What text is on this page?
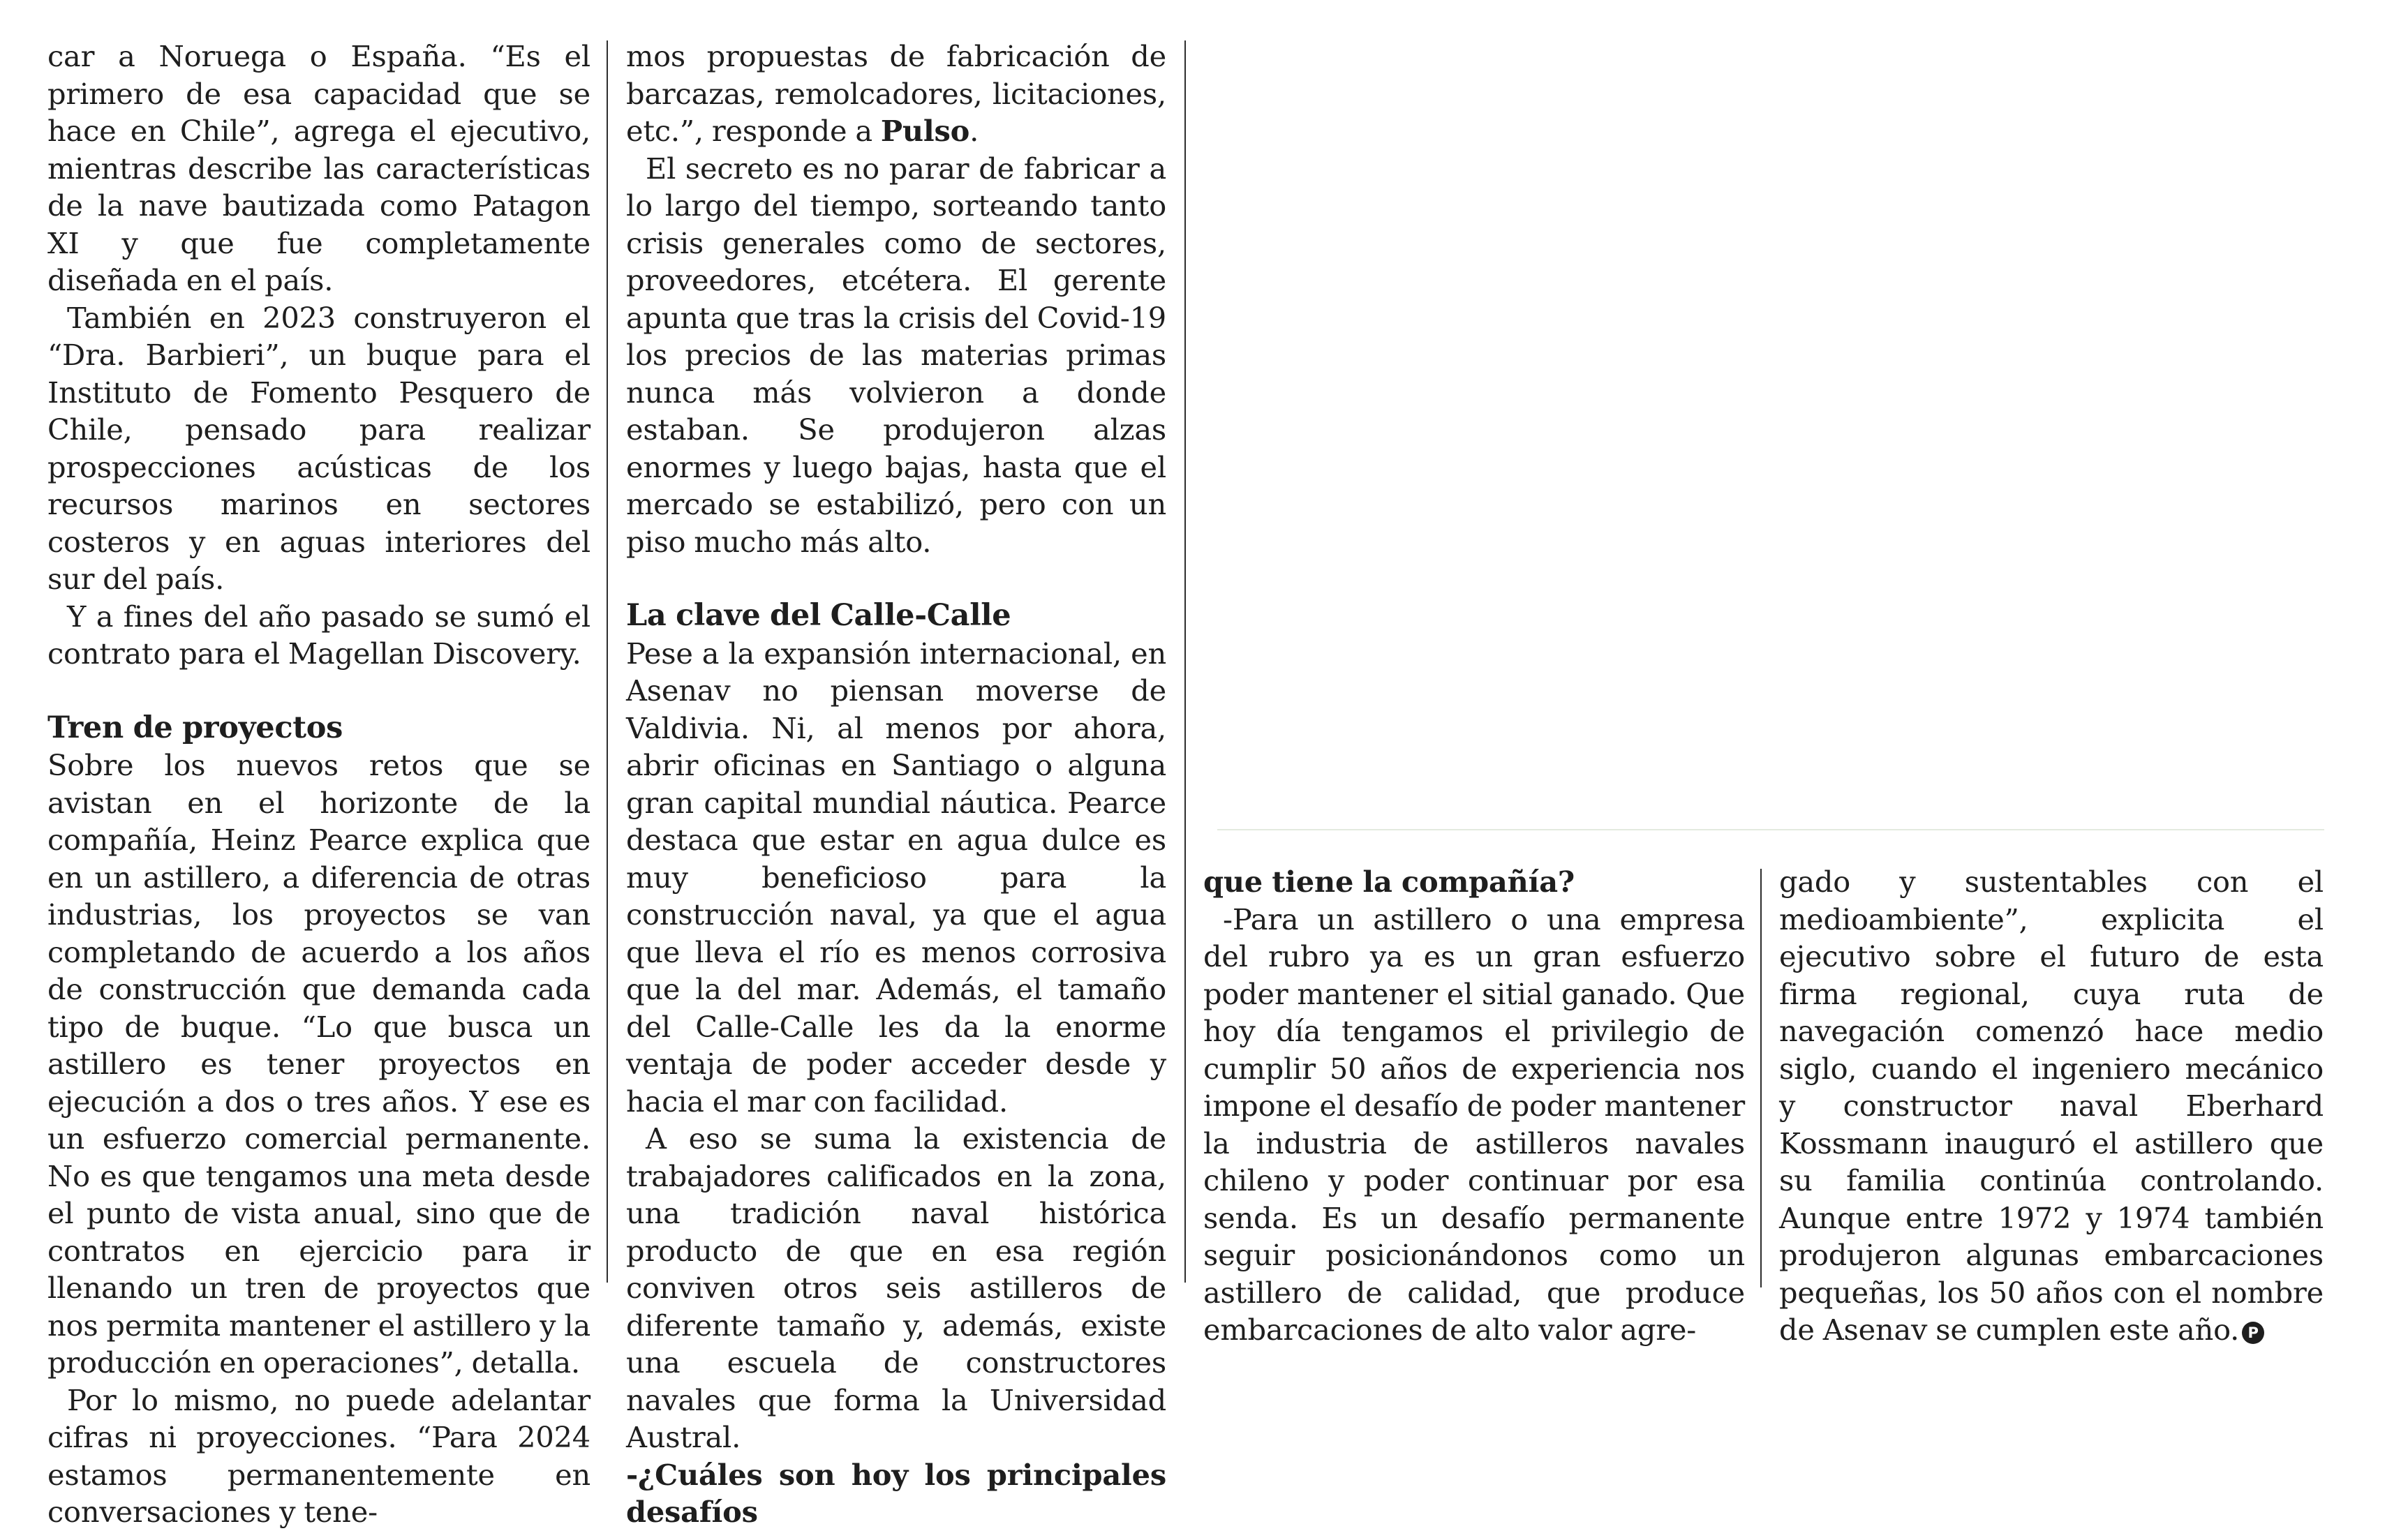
car a Noruega o España. “Es el primero de esa capacidad que se hace en Chile”, agrega el ejecutivo, mientras describe las características de la nave bautizada como Patagon XI y que fue completamente diseñada en el país.

También en 2023 construyeron el “Dra. Barbieri”, un buque para el Instituto de Fomento Pesquero de Chile, pensado para realizar prospecciones acústicas de los recursos marinos en sectores costeros y en aguas interiores del sur del país.

Y a fines del año pasado se sumó el contrato para el Magellan Discovery.

Tren de proyectos

Sobre los nuevos retos que se avistan en el horizonte de la compañía, Heinz Pearce explica que en un astillero, a diferencia de otras industrias, los proyectos se van completando de acuerdo a los años de construcción que demanda cada tipo de buque. “Lo que busca un astillero es tener proyectos en ejecución a dos o tres años. Y ese es un esfuerzo comercial permanente. No es que tengamos una meta desde el punto de vista anual, sino que de contratos en ejercicio para ir llenando un tren de proyectos que nos permita mantener el astillero y la producción en operaciones”, detalla.

Por lo mismo, no puede adelantar cifras ni proyecciones. “Para 2024 estamos permanentemente en conversaciones y tene-

mos propuestas de fabricación de barcazas, remolcadores, licitaciones, etc.”, responde a Pulso.

El secreto es no parar de fabricar a lo largo del tiempo, sorteando tanto crisis generales como de sectores, proveedores, etcétera. El gerente apunta que tras la crisis del Covid-19 los precios de las materias primas nunca más volvieron a donde estaban. Se produjeron alzas enormes y luego bajas, hasta que el mercado se estabilizó, pero con un piso mucho más alto.

La clave del Calle-Calle

Pese a la expansión internacional, en Asenav no piensan moverse de Valdivia. Ni, al menos por ahora, abrir oficinas en Santiago o alguna gran capital mundial náutica. Pearce destaca que estar en agua dulce es muy beneficioso para la construcción naval, ya que el agua que lleva el río es menos corrosiva que la del mar. Además, el tamaño del Calle-Calle les da la enorme ventaja de poder acceder desde y hacia el mar con facilidad.

A eso se suma la existencia de trabajadores calificados en la zona, una tradición naval histórica producto de que en esa región conviven otros seis astilleros de diferente tamaño y, además, existe una escuela de constructores navales que forma la Universidad Austral.

-¿Cuáles son hoy los principales desafíos

que tiene la compañía?

-Para un astillero o una empresa del rubro ya es un gran esfuerzo poder mantener el sitial ganado. Que hoy día tengamos el privilegio de cumplir 50 años de experiencia nos impone el desafío de poder mantener la industria de astilleros navales chileno y poder continuar por esa senda. Es un desafío permanente seguir posicionándonos como un astillero de calidad, que produce embarcaciones de alto valor agre-

gado y sustentables con el medioambiente”, explicita el ejecutivo sobre el futuro de esta firma regional, cuya ruta de navegación comenzó hace medio siglo, cuando el ingeniero mecánico y constructor naval Eberhard Kossmann inauguró el astillero que su familia continúa controlando. Aunque entre 1972 y 1974 también produjeron algunas embarcaciones pequeñas, los 50 años con el nombre de Asenav se cumplen este año. P
